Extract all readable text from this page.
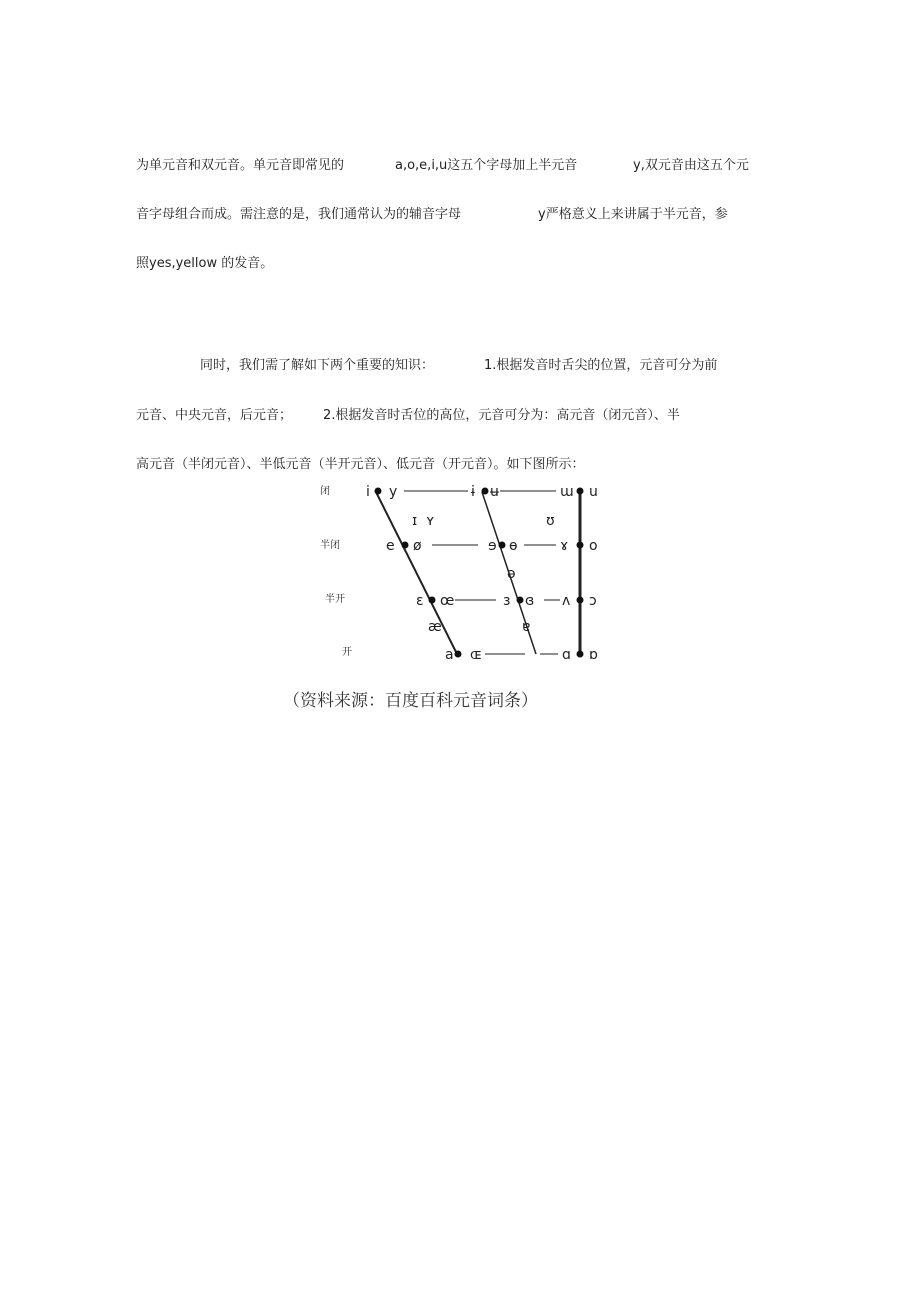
为单元音和双元音。单元音即常见的	a,o,e,i,u这五个字母加上半元音	y,双元音由这五个元
音字母组合而成。需注意的是，我们通常认为的辅音字母	y严格意义上来讲属于半元音，参
照yes,yellow 的发音。
同时，我们需了解如下两个重要的知识：	1.根据发音时舌尖的位置，元音可分为前
元音、中央元音，后元音； 2.根据发音时舌位的高位，元音可分为：高元音（闭元音）、半
高元音（半闭元音）、半低元音（半开元音）、低元音（开元音）。如下图所示：
闭
半闭
半开
开
i y	ɨ ʉ	ɯ u
ɪ ʏ	ʊ
e ø	ɘ ɵ	ɤ o
ə
ɛ œ	ɜ ɞ ʌ ɔ
æ	ɐ
a ɶ	ɑ ɒ
（资料来源：百度百科元音词条）
